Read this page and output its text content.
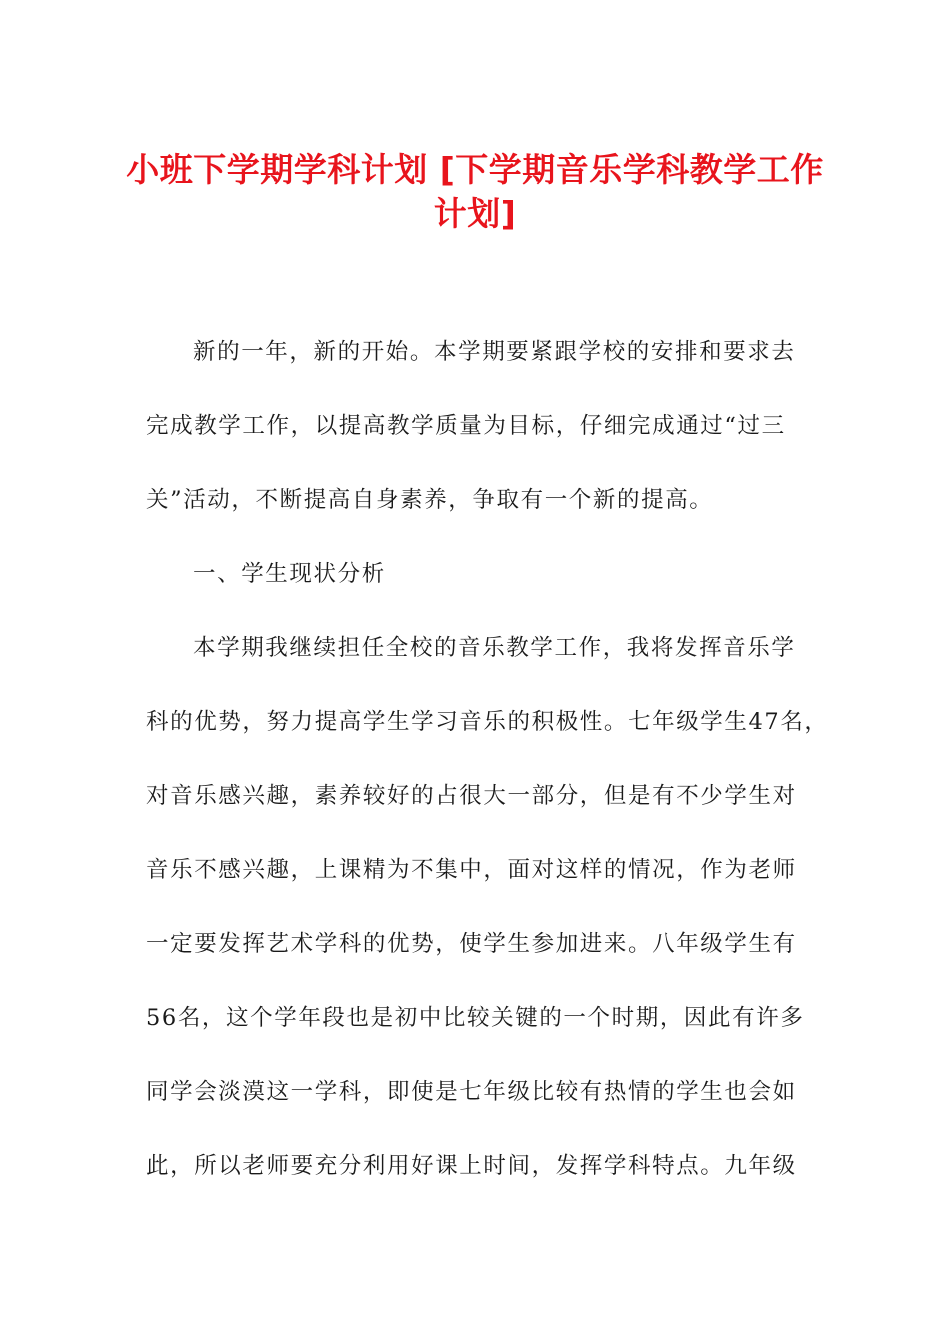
小班下学期学科计划 [下学期音乐学科教学工作计划]
新的一年，新的开始。本学期要紧跟学校的安排和要求去
完成教学工作，以提高教学质量为目标，仔细完成通过“过三
关”活动，不断提高自身素养，争取有一个新的提高。
一、学生现状分析
本学期我继续担任全校的音乐教学工作，我将发挥音乐学
科的优势，努力提高学生学习音乐的积极性。七年级学生47名，
对音乐感兴趣，素养较好的占很大一部分，但是有不少学生对
音乐不感兴趣，上课精为不集中，面对这样的情况，作为老师
一定要发挥艺术学科的优势，使学生参加进来。八年级学生有
56名，这个学年段也是初中比较关键的一个时期，因此有许多
同学会淡漠这一学科，即使是七年级比较有热情的学生也会如
此，所以老师要充分利用好课上时间，发挥学科特点。九年级
